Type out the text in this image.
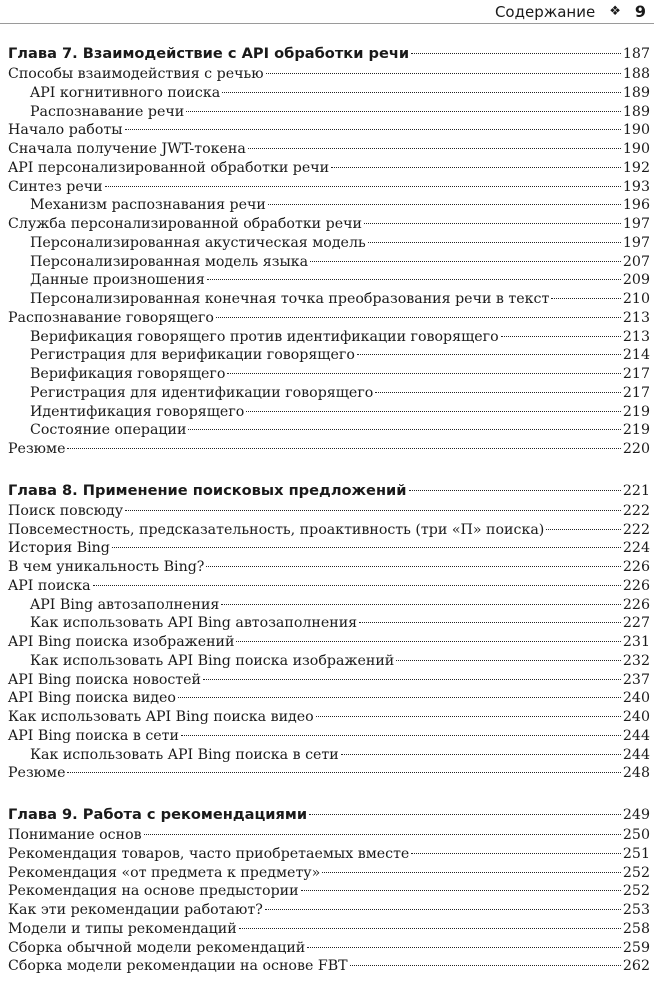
Содержание ❖ 9
Глава 7. Взаимодействие с API обработки речи	187
Способы взаимодействия с речью	188
API когнитивного поиска	189
Распознавание речи	189
Начало работы	190
Сначала получение JWT-токена	190
API персонализированной обработки речи	192
Синтез речи	193
Механизм распознавания речи	196
Служба персонализированной обработки речи	197
Персонализированная акустическая модель	197
Персонализированная модель языка	207
Данные произношения	209
Персонализированная конечная точка преобразования речи в текст	210
Распознавание говорящего	213
Верификация говорящего против идентификации говорящего	213
Регистрация для верификации говорящего	214
Верификация говорящего	217
Регистрация для идентификации говорящего	217
Идентификация говорящего	219
Состояние операции	219
Резюме	220
Глава 8. Применение поисковых предложений	221
Поиск повсюду	222
Повсеместность, предсказательность, проактивность (три «П» поиска)	222
История Bing	224
В чем уникальность Bing?	226
API поиска	226
API Bing автозаполнения	226
Как использовать API Bing автозаполнения	227
API Bing поиска изображений	231
Как использовать API Bing поиска изображений	232
API Bing поиска новостей	237
API Bing поиска видео	240
Как использовать API Bing поиска видео	240
API Bing поиска в сети	244
Как использовать API Bing поиска в сети	244
Резюме	248
Глава 9. Работа с рекомендациями	249
Понимание основ	250
Рекомендация товаров, часто приобретаемых вместе	251
Рекомендация «от предмета к предмету»	252
Рекомендация на основе предыстории	252
Как эти рекомендации работают?	253
Модели и типы рекомендаций	258
Сборка обычной модели рекомендаций	259
Сборка модели рекомендации на основе FBT	262
